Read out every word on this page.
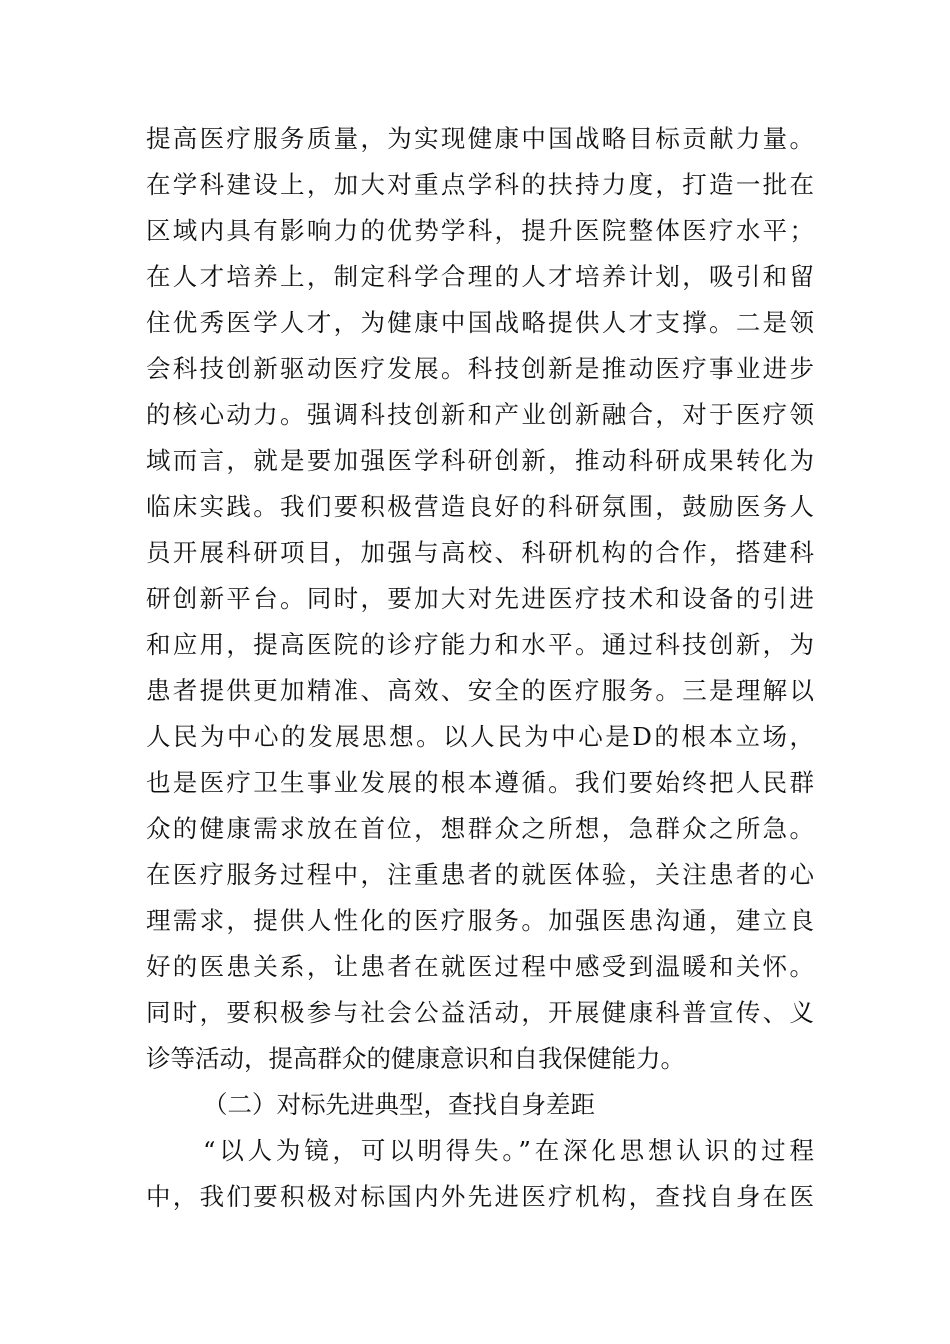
提高医疗服务质量，为实现健康中国战略目标贡献力量。
在学科建设上，加大对重点学科的扶持力度，打造一批在
区域内具有影响力的优势学科，提升医院整体医疗水平；
在人才培养上，制定科学合理的人才培养计划，吸引和留
住优秀医学人才，为健康中国战略提供人才支撑。二是领
会科技创新驱动医疗发展。科技创新是推动医疗事业进步
的核心动力。强调科技创新和产业创新融合，对于医疗领
域而言，就是要加强医学科研创新，推动科研成果转化为
临床实践。我们要积极营造良好的科研氛围，鼓励医务人
员开展科研项目，加强与高校、科研机构的合作，搭建科
研创新平台。同时，要加大对先进医疗技术和设备的引进
和应用，提高医院的诊疗能力和水平。通过科技创新，为
患者提供更加精准、高效、安全的医疗服务。三是理解以
人民为中心的发展思想。以人民为中心是D的根本立场，
也是医疗卫生事业发展的根本遵循。我们要始终把人民群
众的健康需求放在首位，想群众之所想，急群众之所急。
在医疗服务过程中，注重患者的就医体验，关注患者的心
理需求，提供人性化的医疗服务。加强医患沟通，建立良
好的医患关系，让患者在就医过程中感受到温暖和关怀。
同时，要积极参与社会公益活动，开展健康科普宣传、义
诊等活动，提高群众的健康意识和自我保健能力。
（二）对标先进典型，查找自身差距
“以人为镜，可以明得失。”在深化思想认识的过程
中，我们要积极对标国内外先进医疗机构，查找自身在医
